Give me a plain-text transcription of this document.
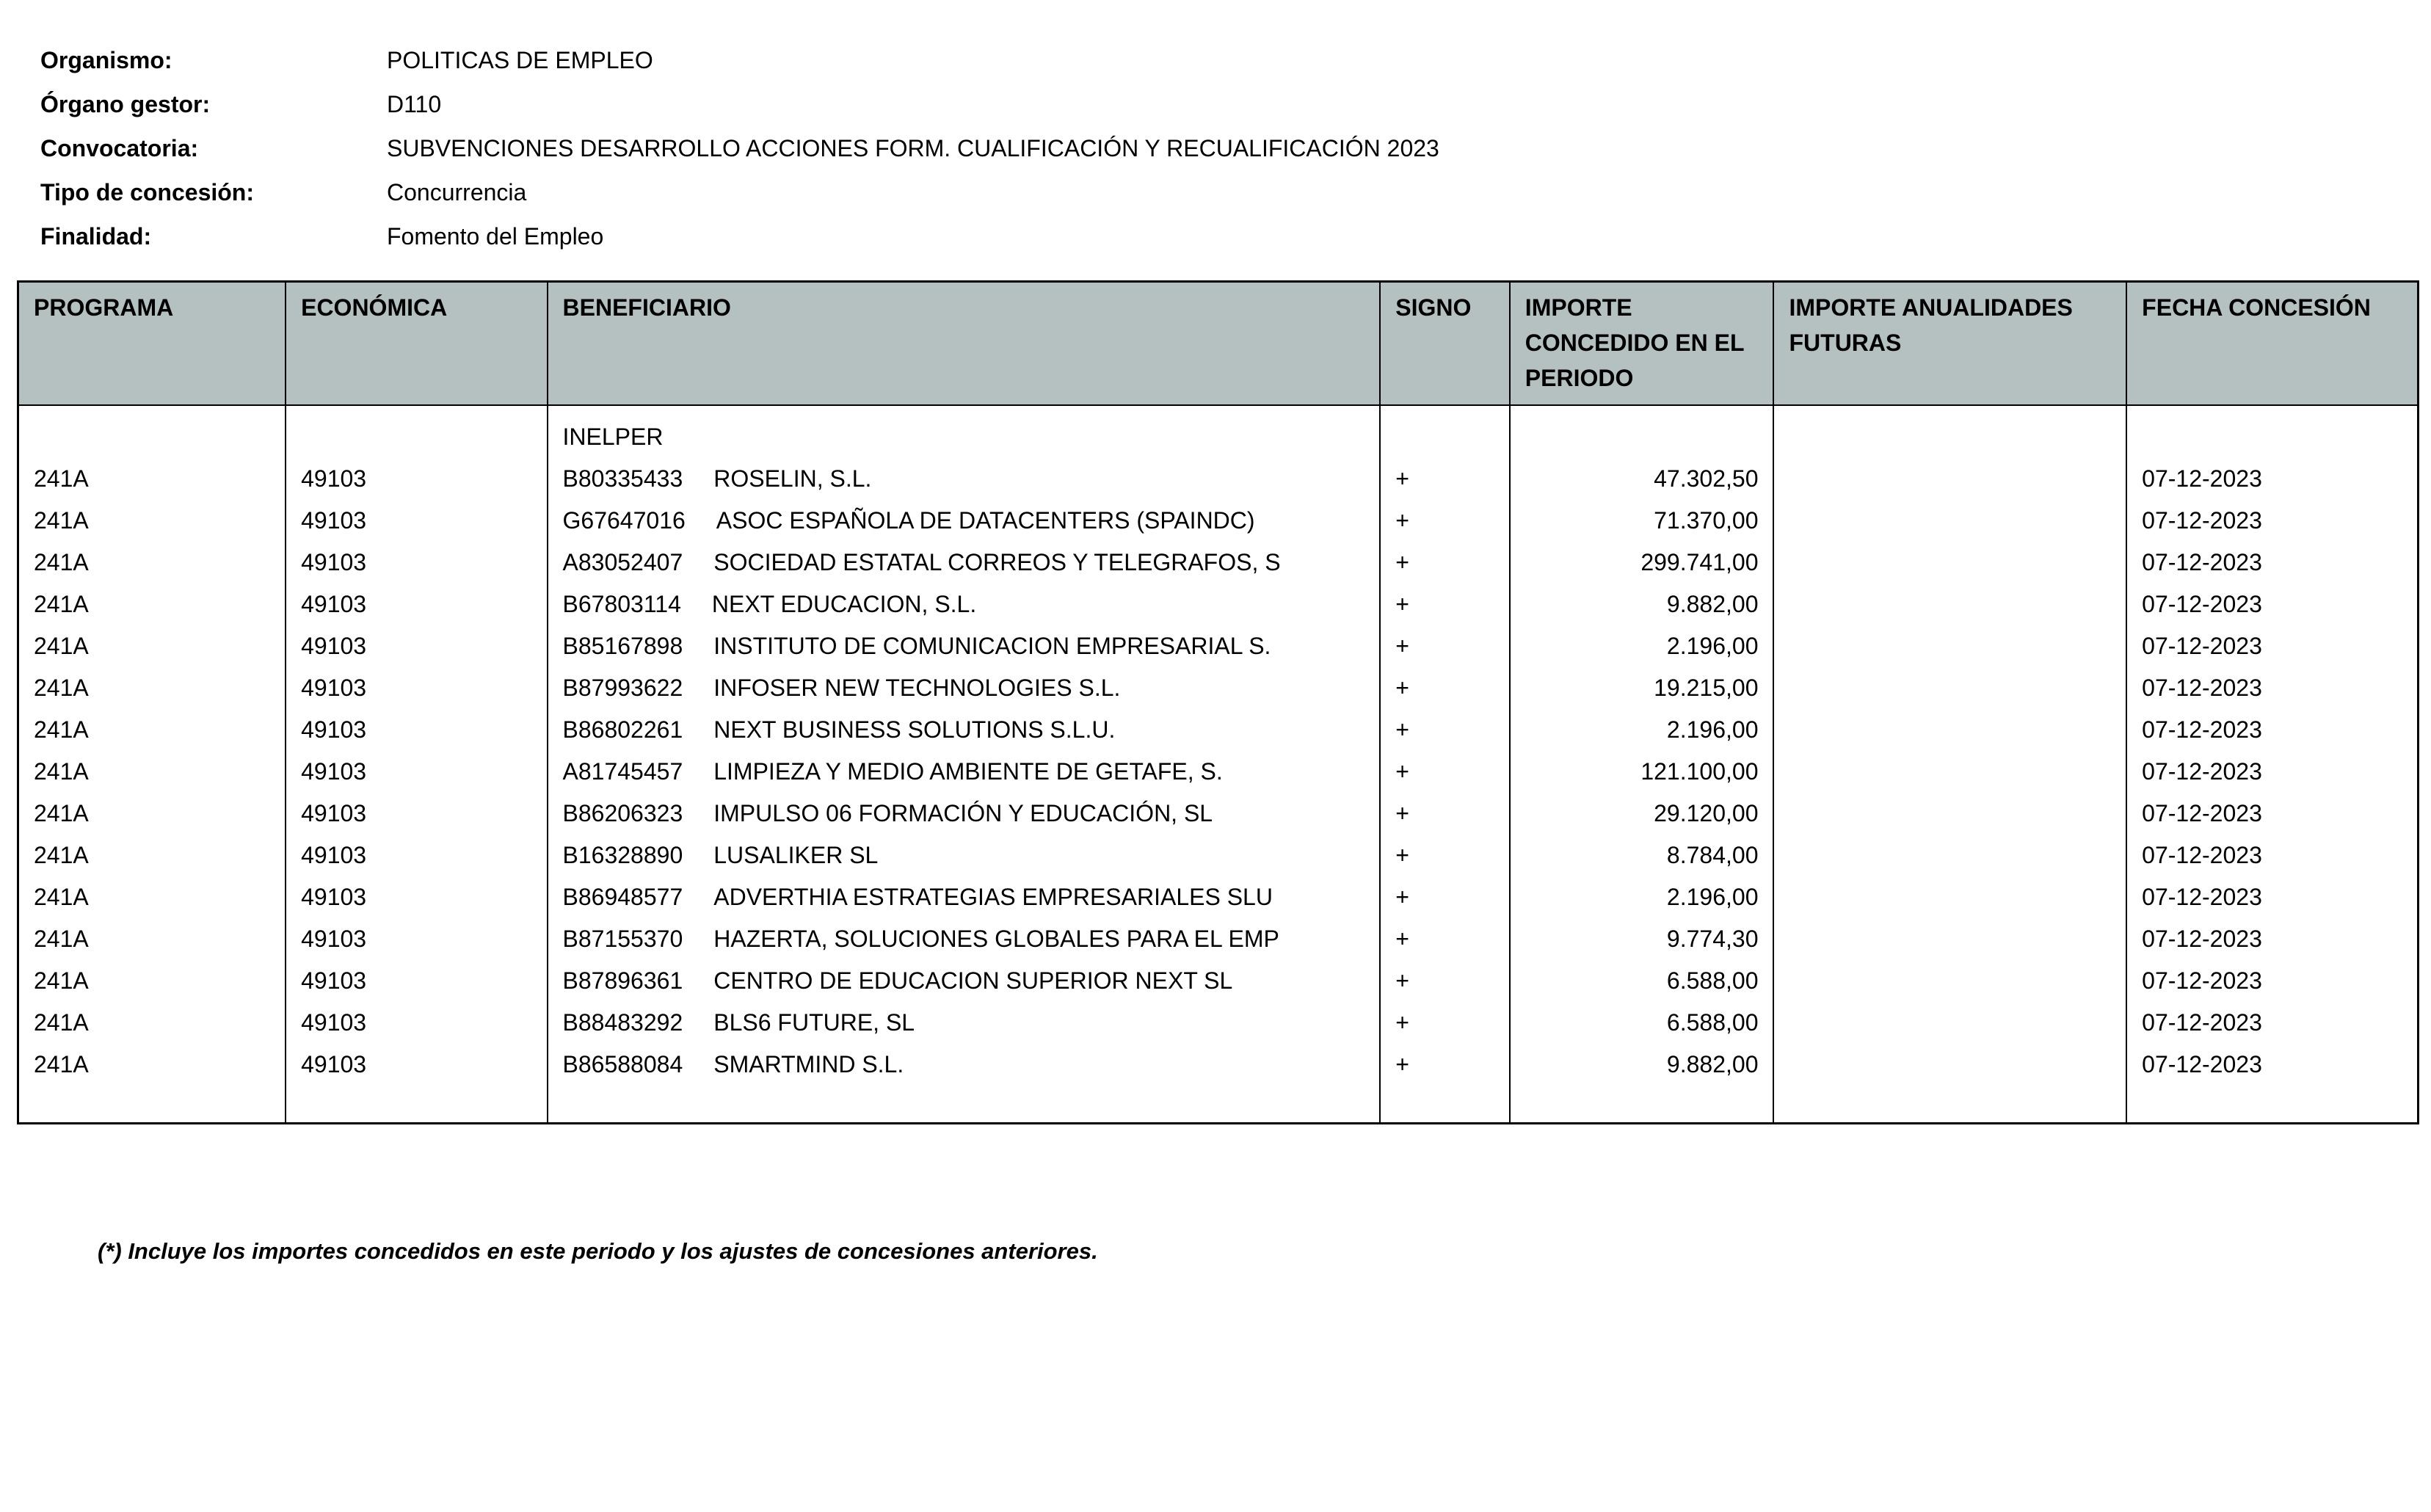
Organismo:	POLITICAS DE EMPLEO
Órgano gestor:	D110
Convocatoria:	SUBVENCIONES DESARROLLO ACCIONES FORM. CUALIFICACIÓN Y RECUALIFICACIÓN 2023
Tipo de concesión:	Concurrencia
Finalidad:	Fomento del Empleo
PROGRAMA	ECONÓMICA	BENEFICIARIO	SIGNO	IMPORTE CONCEDIDO EN EL PERIODO	IMPORTE ANUALIDADES FUTURAS	FECHA CONCESIÓN
		INELPER				
241A	49103	B80335433 ROSELIN, S.L.	+	47.302,50		07-12-2023
241A	49103	G67647016 ASOC ESPAÑOLA DE DATACENTERS (SPAINDC)	+	71.370,00		07-12-2023
241A	49103	A83052407 SOCIEDAD ESTATAL CORREOS Y TELEGRAFOS, S	+	299.741,00		07-12-2023
241A	49103	B67803114 NEXT EDUCACION, S.L.	+	9.882,00		07-12-2023
241A	49103	B85167898 INSTITUTO DE COMUNICACION EMPRESARIAL S.	+	2.196,00		07-12-2023
241A	49103	B87993622 INFOSER NEW TECHNOLOGIES S.L.	+	19.215,00		07-12-2023
241A	49103	B86802261 NEXT BUSINESS SOLUTIONS S.L.U.	+	2.196,00		07-12-2023
241A	49103	A81745457 LIMPIEZA Y MEDIO AMBIENTE DE GETAFE, S.	+	121.100,00		07-12-2023
241A	49103	B86206323 IMPULSO 06 FORMACIÓN Y EDUCACIÓN, SL	+	29.120,00		07-12-2023
241A	49103	B16328890 LUSALIKER SL	+	8.784,00		07-12-2023
241A	49103	B86948577 ADVERTHIA ESTRATEGIAS EMPRESARIALES SLU	+	2.196,00		07-12-2023
241A	49103	B87155370 HAZERTA, SOLUCIONES GLOBALES PARA EL EMP	+	9.774,30		07-12-2023
241A	49103	B87896361 CENTRO DE EDUCACION SUPERIOR NEXT SL	+	6.588,00		07-12-2023
241A	49103	B88483292 BLS6 FUTURE, SL	+	6.588,00		07-12-2023
241A	49103	B86588084 SMARTMIND S.L.	+	9.882,00		07-12-2023
(*) Incluye los importes concedidos en este periodo y los ajustes de concesiones anteriores.
